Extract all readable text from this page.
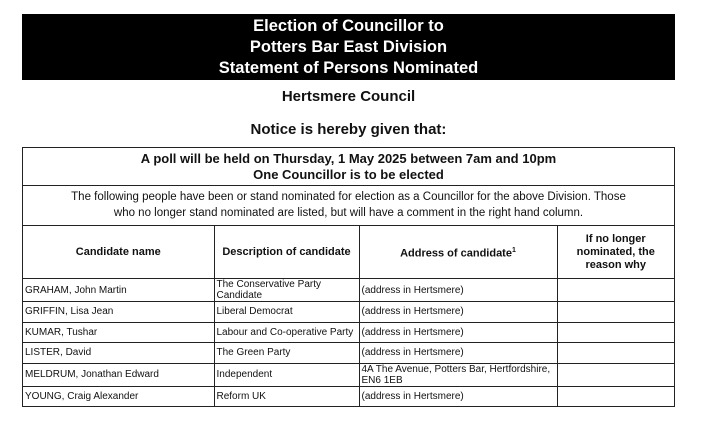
Election of Councillor to
Potters Bar East Division
Statement of Persons Nominated
Hertsmere Council
Notice is hereby given that:
A poll will be held on Thursday, 1 May 2025 between 7am and 10pm
One Councillor is to be elected
The following people have been or stand nominated for election as a Councillor for the above Division. Those
who no longer stand nominated are listed, but will have a comment in the right hand column.
Candidate name	Description of candidate	Address of candidate$^1$	If no longer nominated, the reason why
GRAHAM, John Martin	The Conservative Party Candidate	(address in Hertsmere)	
GRIFFIN, Lisa Jean	Liberal Democrat	(address in Hertsmere)	
KUMAR, Tushar	Labour and Co-operative Party	(address in Hertsmere)	
LISTER, David	The Green Party	(address in Hertsmere)	
MELDRUM, Jonathan Edward	Independent	4A The Avenue, Potters Bar, Hertfordshire, EN6 1EB	
YOUNG, Craig Alexander	Reform UK	(address in Hertsmere)	
